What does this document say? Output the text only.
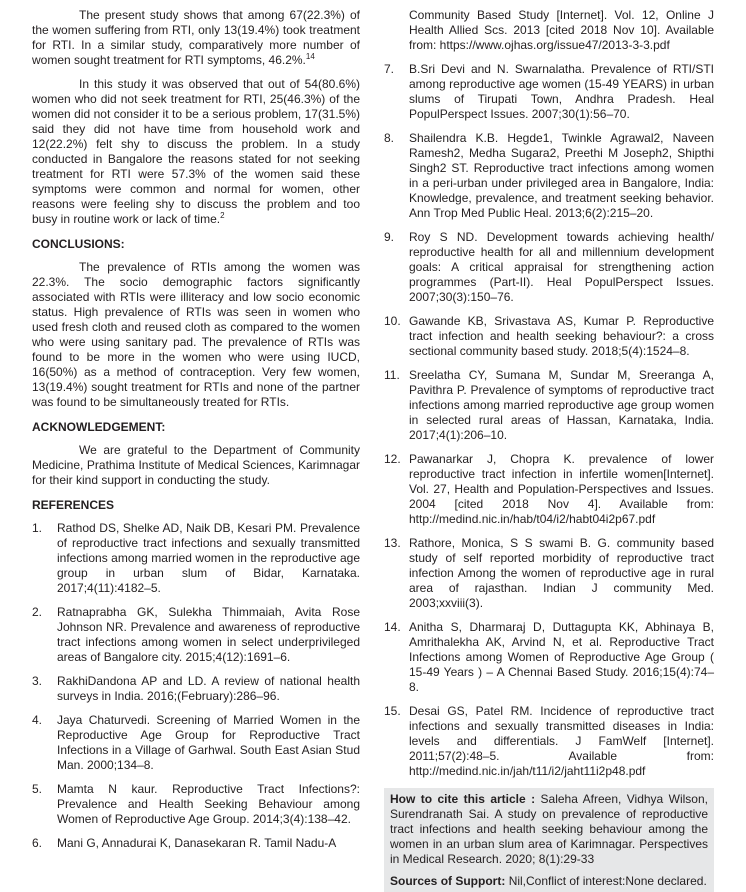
The present study shows that among 67(22.3%) of the women suffering from RTI, only 13(19.4%) took treatment for RTI. In a similar study, comparatively more number of women sought treatment for RTI symptoms, 46.2%.$^{14}$

In this study it was observed that out of 54(80.6%) women who did not seek treatment for RTI, 25(46.3%) of the women did not consider it to be a serious problem, 17(31.5%) said they did not have time from household work and 12(22.2%) felt shy to discuss the problem. In a study conducted in Bangalore the reasons stated for not seeking treatment for RTI were 57.3% of the women said these symptoms were common and normal for women, other reasons were feeling shy to discuss the problem and too busy in routine work or lack of time.$^2$

CONCLUSIONS:

The prevalence of RTIs among the women was 22.3%. The socio demographic factors significantly associated with RTIs were illiteracy and low socio economic status. High prevalence of RTIs was seen in women who used fresh cloth and reused cloth as compared to the women who were using sanitary pad. The prevalence of RTIs was found to be more in the women who were using IUCD, 16(50%) as a method of contraception. Very few women, 13(19.4%) sought treatment for RTIs and none of the partner was found to be simultaneously treated for RTIs.

ACKNOWLEDGEMENT:

We are grateful to the Department of Community Medicine, Prathima Institute of Medical Sciences, Karimnagar for their kind support in conducting the study.

REFERENCES
1.	Rathod DS, Shelke AD, Naik DB, Kesari PM. Prevalence of reproductive tract infections and sexually transmitted infections among married women in the reproductive age group in urban slum of Bidar, Karnataka. 2017;4(11):4182–5.
2.	Ratnaprabha GK, Sulekha Thimmaiah, Avita Rose Johnson NR. Prevalence and awareness of reproductive tract infections among women in select underprivileged areas of Bangalore city. 2015;4(12):1691–6.
3.	RakhiDandona AP and LD. A review of national health surveys in India. 2016;(February):286–96.
4.	Jaya Chaturvedi. Screening of Married Women in the Reproductive Age Group for Reproductive Tract Infections in a Village of Garhwal. South East Asian Stud Man. 2000;134–8.
5.	Mamta N kaur. Reproductive Tract Infections?: Prevalence and Health Seeking Behaviour among Women of Reproductive Age Group. 2014;3(4):138–42.
6.	Mani G, Annadurai K, Danasekaran R. Tamil Nadu-A
Community Based Study [Internet]. Vol. 12, Online J Health Allied Scs. 2013 [cited 2018 Nov 10]. Available from: https://www.ojhas.org/issue47/2013-3-3.pdf
7.	B.Sri Devi and N. Swarnalatha. Prevalence of RTI/STI among reproductive age women (15-49 YEARS) in urban slums of Tirupati Town, Andhra Pradesh. Heal PopulPerspect Issues. 2007;30(1):56–70.
8.	Shailendra K.B. Hegde1, Twinkle Agrawal2, Naveen Ramesh2, Medha Sugara2, Preethi M Joseph2, Shipthi Singh2 ST. Reproductive tract infections among women in a peri-urban under privileged area in Bangalore, India: Knowledge, prevalence, and treatment seeking behavior. Ann Trop Med Public Heal. 2013;6(2):215–20.
9.	Roy S ND. Development towards achieving health/ reproductive health for all and millennium development goals: A critical appraisal for strengthening action programmes (Part-II). Heal PopulPerspect Issues. 2007;30(3):150–76.
10. Gawande KB, Srivastava AS, Kumar P. Reproductive tract infection and health seeking behaviour?: a cross sectional community based study. 2018;5(4):1524–8.
11. Sreelatha CY, Sumana M, Sundar M, Sreeranga A, Pavithra P. Prevalence of symptoms of reproductive tract infections among married reproductive age group women in selected rural areas of Hassan, Karnataka, India. 2017;4(1):206–10.
12. Pawanarkar J, Chopra K. prevalence of lower reproductive tract infection in infertile women[Internet]. Vol. 27, Health and Population-Perspectives and Issues. 2004 [cited 2018 Nov 4]. Available from: http://medind.nic.in/hab/t04/i2/habt04i2p67.pdf
13. Rathore, Monica, S S swami B. G. community based study of self reported morbidity of reproductive tract infection Among the women of reproductive age in rural area of rajasthan. Indian J community Med. 2003;xxviii(3).
14. Anitha S, Dharmaraj D, Duttagupta KK, Abhinaya B, Amrithalekha AK, Arvind N, et al. Reproductive Tract Infections among Women of Reproductive Age Group ( 15-49 Years ) – A Chennai Based Study. 2016;15(4):74–8.
15. Desai GS, Patel RM. Incidence of reproductive tract infections and sexually transmitted diseases in India: levels and differentials. J FamWelf [Internet]. 2011;57(2):48–5. Available from: http://medind.nic.in/jah/t11/i2/jaht11i2p48.pdf
How to cite this article : Saleha Afreen, Vidhya Wilson, Surendranath Sai. A study on prevalence of reproductive tract infections and health seeking behaviour among the women in an urban slum area of Karimnagar. Perspectives in Medical Research. 2020; 8(1):29-33
Sources of Support: Nil,Conflict of interest:None declared.
